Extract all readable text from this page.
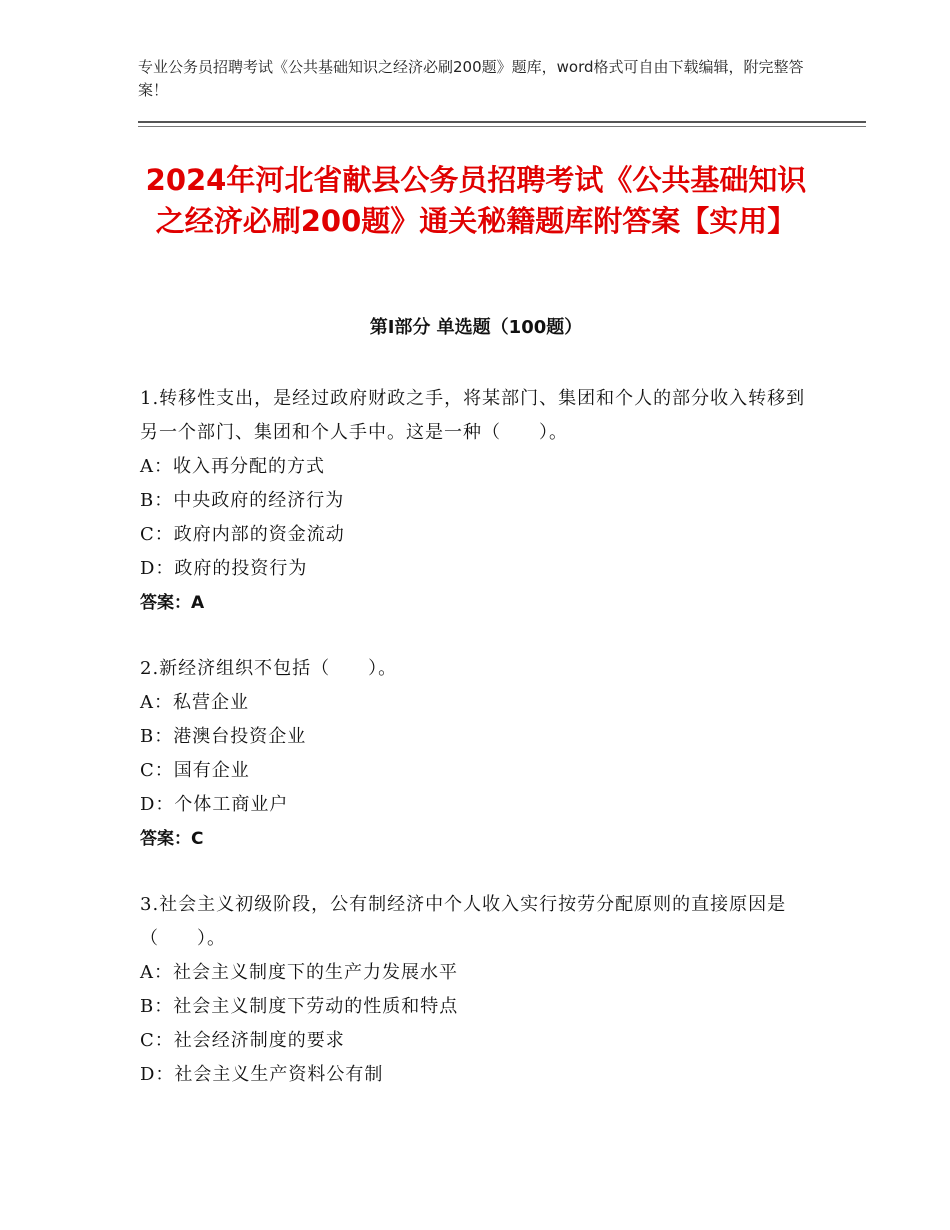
专业公务员招聘考试《公共基础知识之经济必刷200题》题库，word格式可自由下载编辑，附完整答案！
2024年河北省献县公务员招聘考试《公共基础知识之经济必刷200题》通关秘籍题库附答案【实用】
第I部分 单选题（100题）
1.转移性支出，是经过政府财政之手，将某部门、集团和个人的部分收入转移到另一个部门、集团和个人手中。这是一种（　　）。
A：收入再分配的方式
B：中央政府的经济行为
C：政府内部的资金流动
D：政府的投资行为
答案：A
2.新经济组织不包括（　　）。
A：私营企业
B：港澳台投资企业
C：国有企业
D：个体工商业户
答案：C
3.社会主义初级阶段，公有制经济中个人收入实行按劳分配原则的直接原因是（　　）。
A：社会主义制度下的生产力发展水平
B：社会主义制度下劳动的性质和特点
C：社会经济制度的要求
D：社会主义生产资料公有制
